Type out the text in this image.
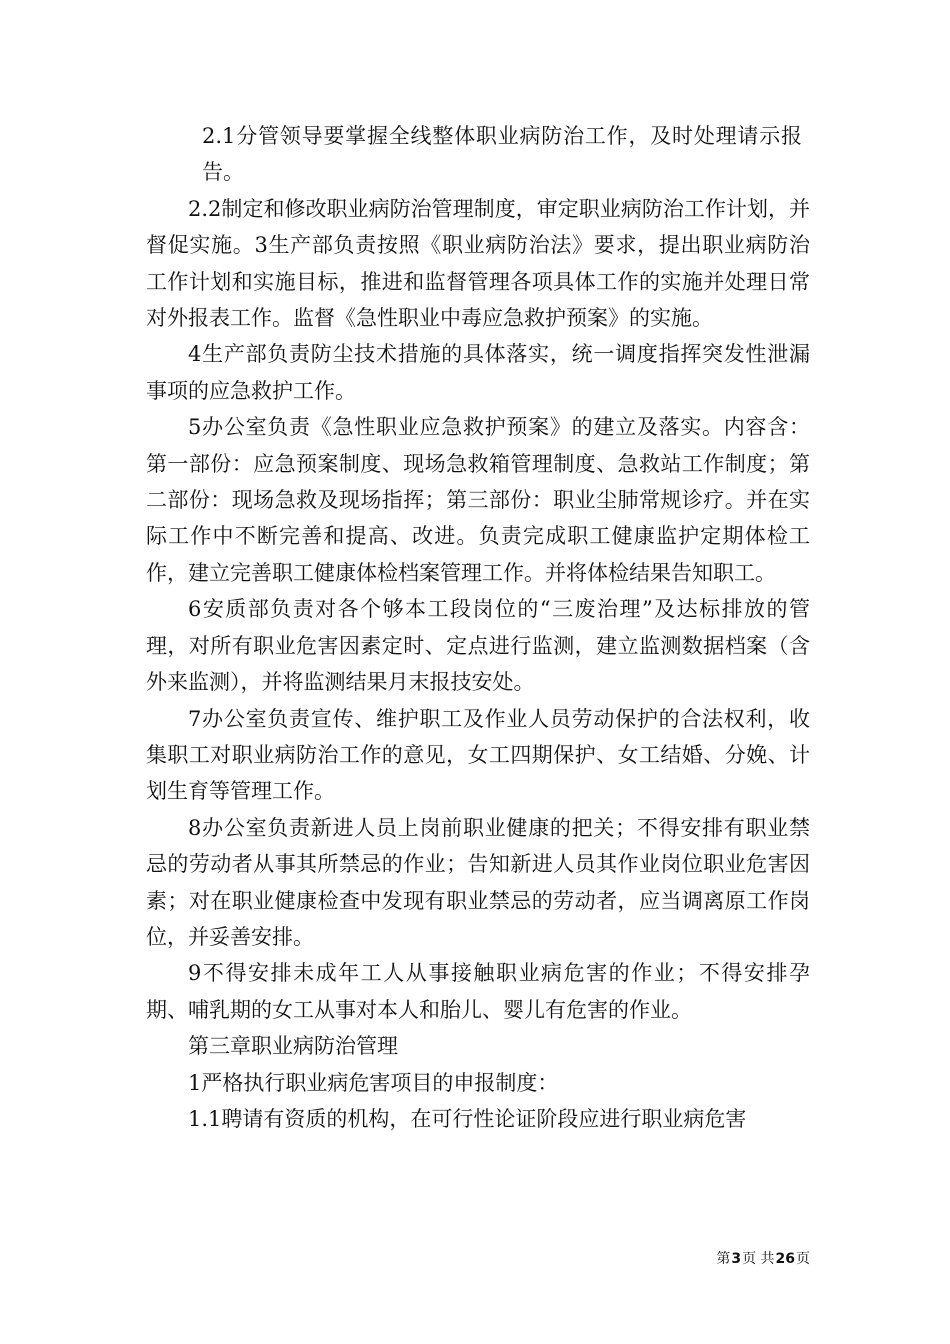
2.1分管领导要掌握全线整体职业病防治工作，及时处理请示报告。

2.2制定和修改职业病防治管理制度，审定职业病防治工作计划，并督促实施。3生产部负责按照《职业病防治法》要求，提出职业病防治工作计划和实施目标，推进和监督管理各项具体工作的实施并处理日常对外报表工作。监督《急性职业中毒应急救护预案》的实施。

4生产部负责防尘技术措施的具体落实，统一调度指挥突发性泄漏事项的应急救护工作。

5办公室负责《急性职业应急救护预案》的建立及落实。内容含：第一部份：应急预案制度、现场急救箱管理制度、急救站工作制度；第二部份：现场急救及现场指挥；第三部份：职业尘肺常规诊疗。并在实际工作中不断完善和提高、改进。负责完成职工健康监护定期体检工作，建立完善职工健康体检档案管理工作。并将体检结果告知职工。

6安质部负责对各个够本工段岗位的“三废治理”及达标排放的管理，对所有职业危害因素定时、定点进行监测，建立监测数据档案（含外来监测），并将监测结果月末报技安处。

7办公室负责宣传、维护职工及作业人员劳动保护的合法权利，收集职工对职业病防治工作的意见，女工四期保护、女工结婚、分娩、计划生育等管理工作。

8办公室负责新进人员上岗前职业健康的把关；不得安排有职业禁忌的劳动者从事其所禁忌的作业；告知新进人员其作业岗位职业危害因素；对在职业健康检查中发现有职业禁忌的劳动者，应当调离原工作岗位，并妥善安排。

9不得安排未成年工人从事接触职业病危害的作业；不得安排孕期、哺乳期的女工从事对本人和胎儿、婴儿有危害的作业。

第三章职业病防治管理

1严格执行职业病危害项目的申报制度：

1.1聘请有资质的机构，在可行性论证阶段应进行职业病危害

第3页 共26页
